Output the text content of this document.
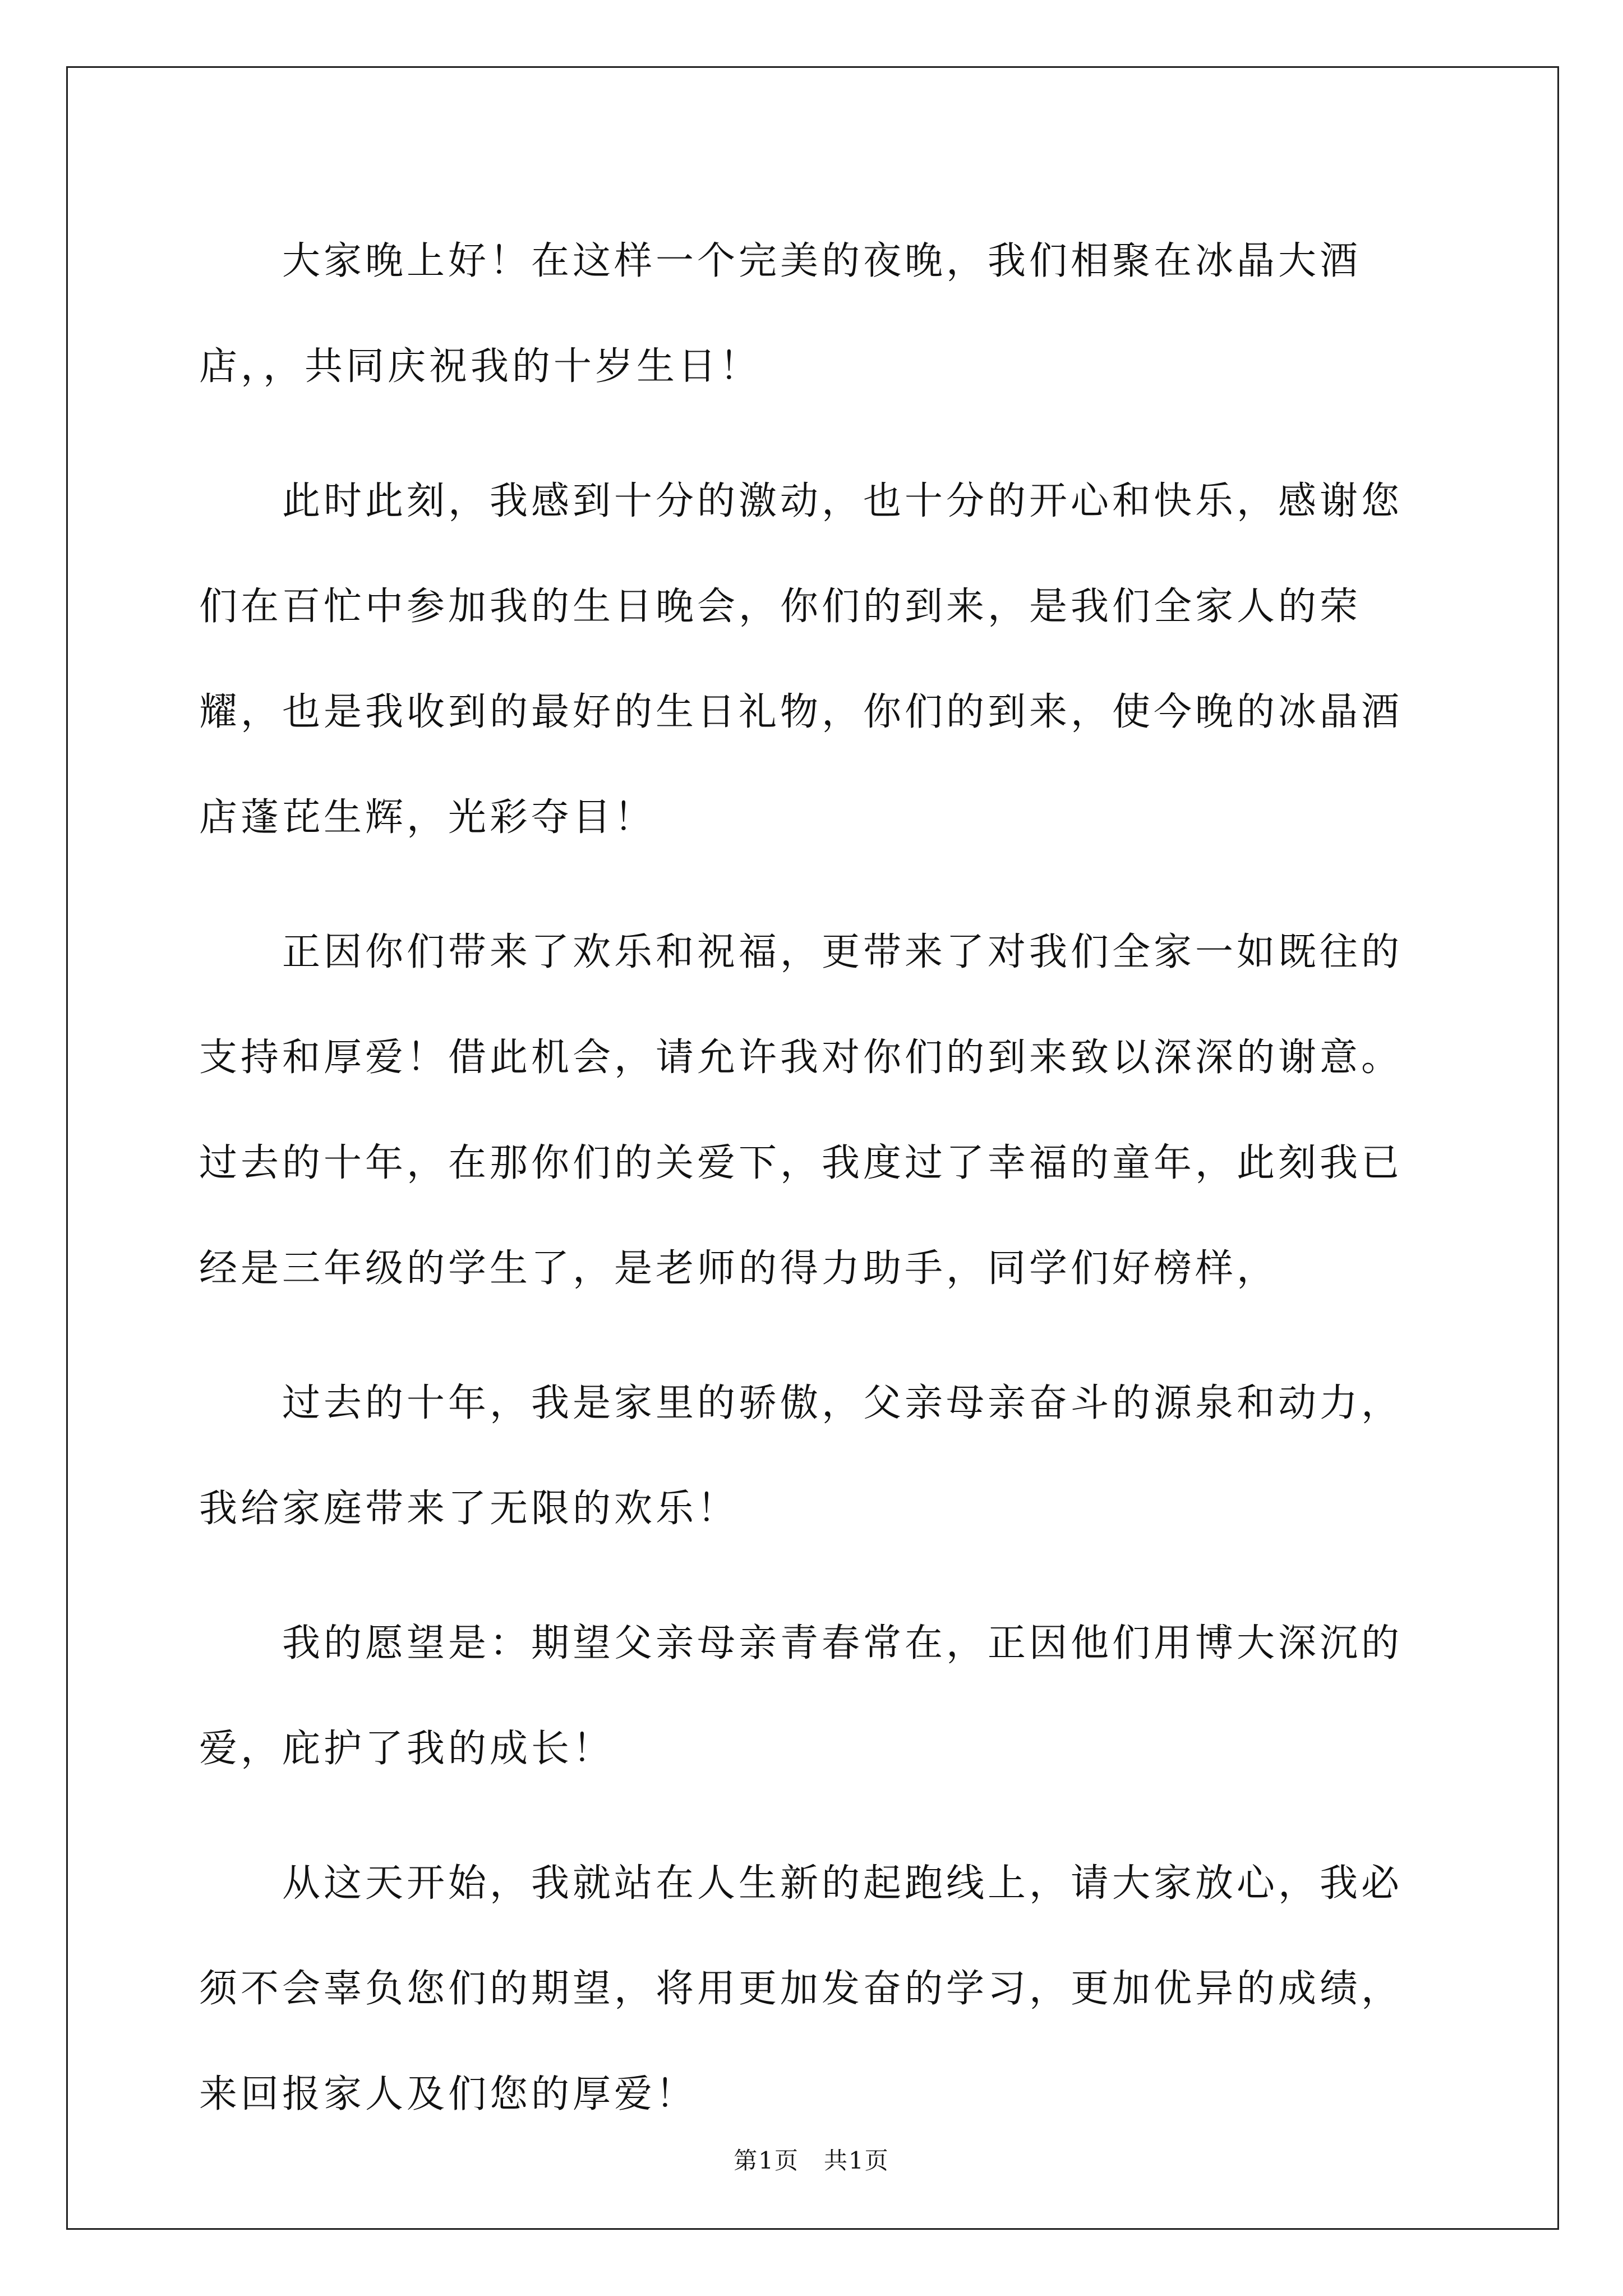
大家晚上好！在这样一个完美的夜晚，我们相聚在冰晶大酒店，，共同庆祝我的十岁生日！

此时此刻，我感到十分的激动，也十分的开心和快乐，感谢您们在百忙中参加我的生日晚会，你们的到来，是我们全家人的荣耀，也是我收到的最好的生日礼物，你们的到来，使今晚的冰晶酒店蓬芘生辉，光彩夺目！

正因你们带来了欢乐和祝福，更带来了对我们全家一如既往的支持和厚爱！借此机会，请允许我对你们的到来致以深深的谢意。过去的十年，在那你们的关爱下，我度过了幸福的童年，此刻我已经是三年级的学生了，是老师的得力助手，同学们好榜样，

过去的十年，我是家里的骄傲，父亲母亲奋斗的源泉和动力，我给家庭带来了无限的欢乐！

我的愿望是：期望父亲母亲青春常在，正因他们用博大深沉的爱，庇护了我的成长！

从这天开始，我就站在人生新的起跑线上，请大家放心，我必须不会辜负您们的期望，将用更加发奋的学习，更加优异的成绩，来回报家人及们您的厚爱！

第1页　共1页
